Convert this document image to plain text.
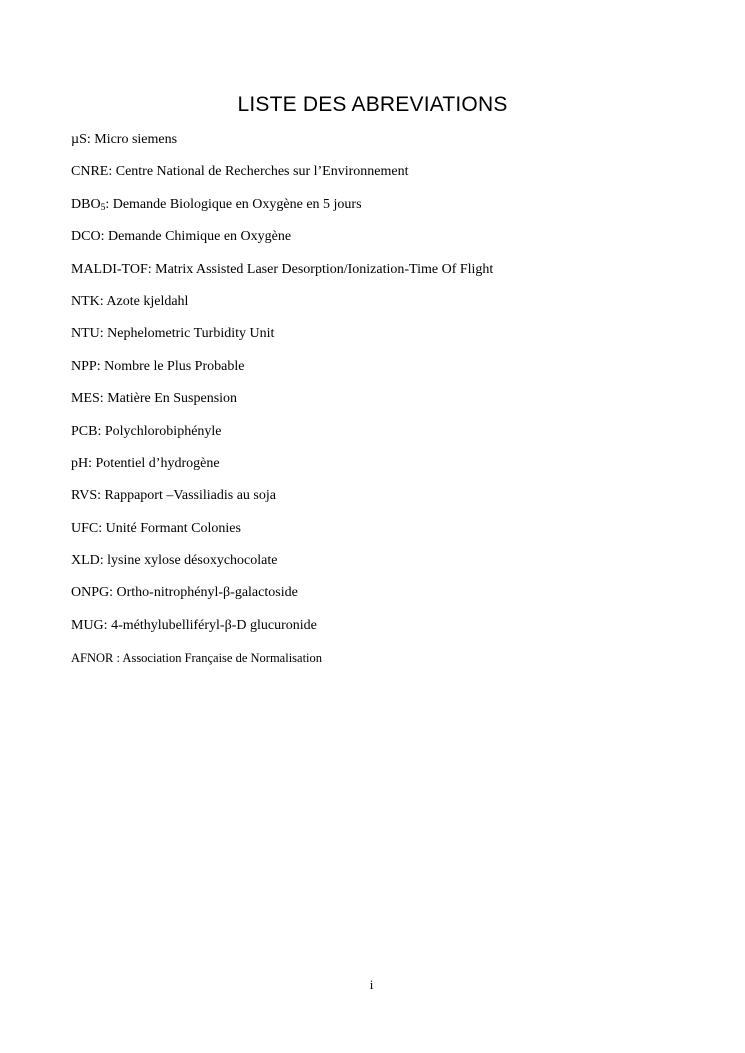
LISTE DES ABREVIATIONS
µS: Micro siemens
CNRE: Centre National de Recherches sur l’Environnement
$DBO_5$: Demande Biologique en Oxygène en 5 jours
DCO: Demande Chimique en Oxygène
MALDI-TOF: Matrix Assisted Laser Desorption/Ionization-Time Of Flight
NTK: Azote kjeldahl
NTU: Nephelometric Turbidity Unit
NPP: Nombre le Plus Probable
MES: Matière En Suspension
PCB: Polychlorobiphényle
pH: Potentiel d’hydrogène
RVS: Rappaport –Vassiliadis au soja
UFC: Unité Formant Colonies
XLD: lysine xylose désoxychocolate
ONPG: Ortho-nitrophényl-β-galactoside
MUG: 4-méthylubelliféryl-β-D glucuronide
AFNOR : Association Française de Normalisation
i
